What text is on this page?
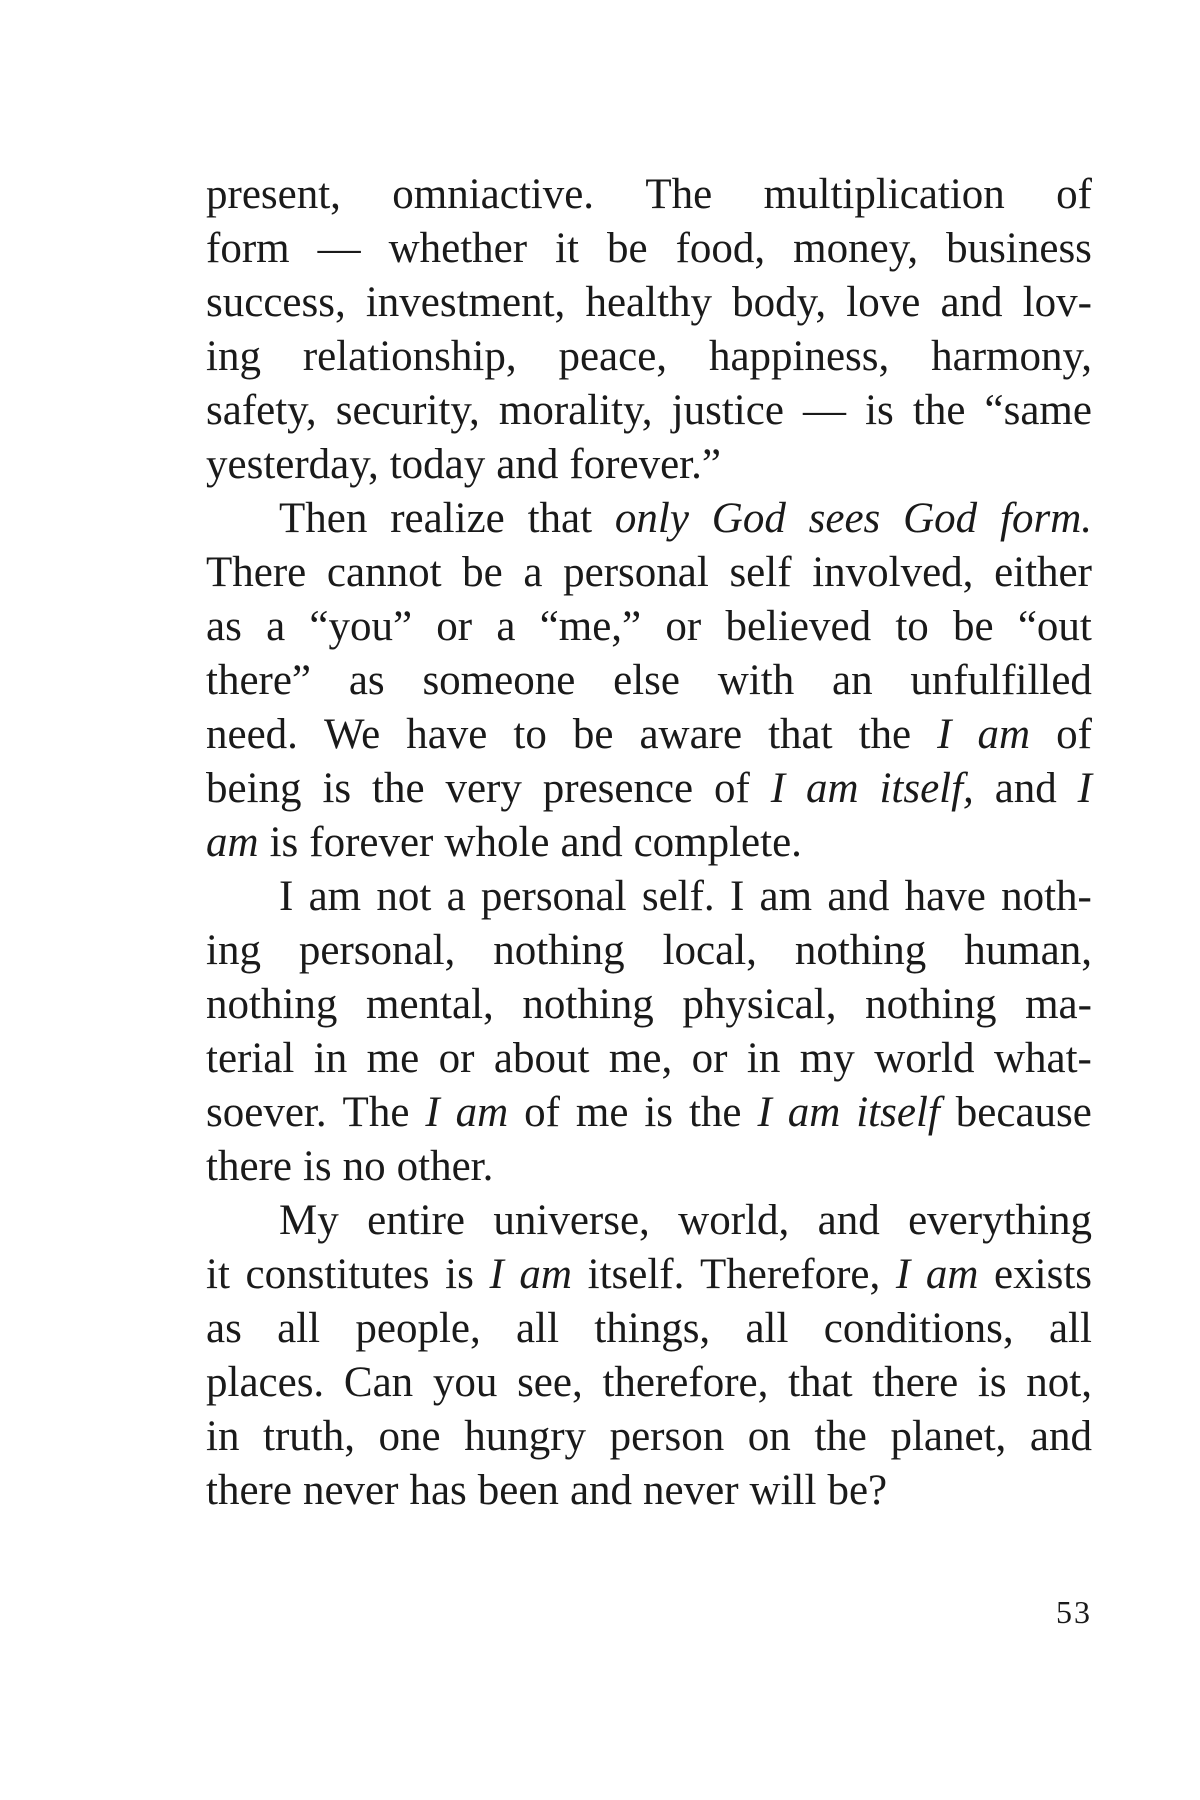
present, omniactive. The multiplication of
form — whether it be food, money, business
success, investment, healthy body, love and lov-
ing relationship, peace, happiness, harmony,
safety, security, morality, justice — is the “same
yesterday, today and forever.”
Then realize that only God sees God form.
There cannot be a personal self involved, either
as a “you” or a “me,” or believed to be “out
there” as someone else with an unfulfilled
need. We have to be aware that the I am of
being is the very presence of I am itself, and I
am is forever whole and complete.
I am not a personal self. I am and have noth-
ing personal, nothing local, nothing human,
nothing mental, nothing physical, nothing ma-
terial in me or about me, or in my world what-
soever. The I am of me is the I am itself because
there is no other.
My entire universe, world, and everything
it constitutes is I am itself. Therefore, I am exists
as all people, all things, all conditions, all
places. Can you see, therefore, that there is not,
in truth, one hungry person on the planet, and
there never has been and never will be?
53
